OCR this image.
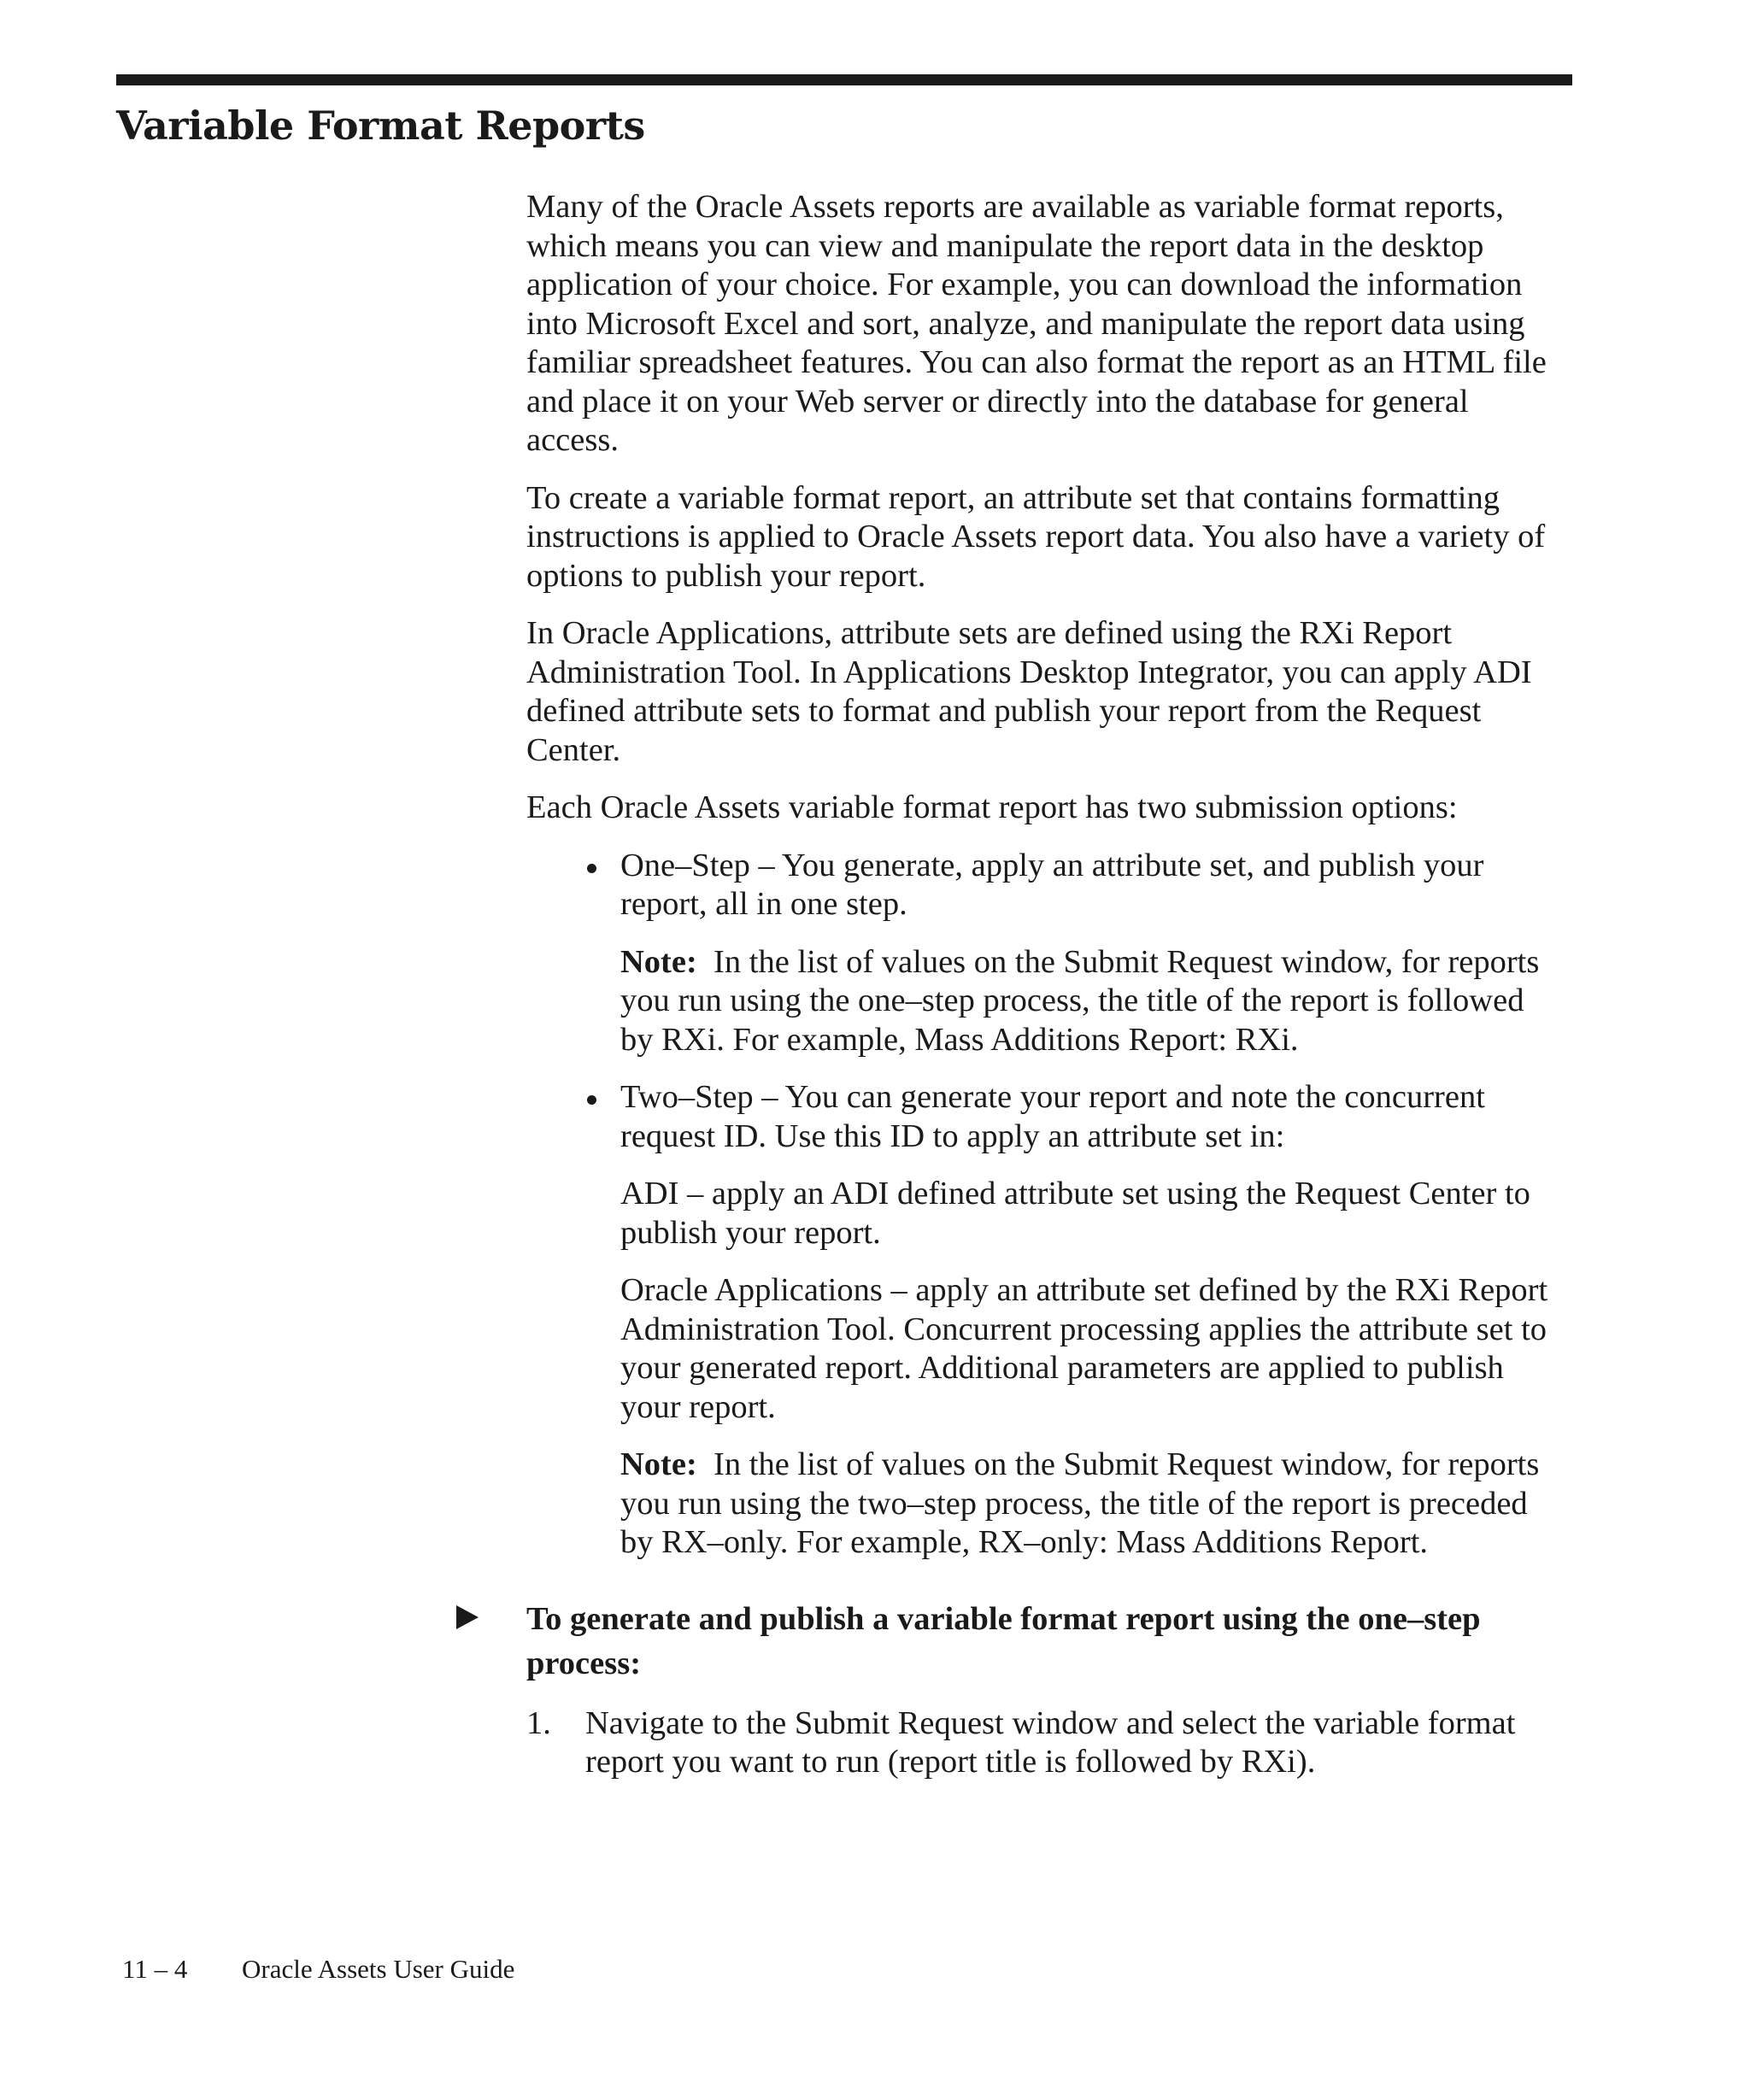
Variable Format Reports

Many of the Oracle Assets reports are available as variable format reports, which means you can view and manipulate the report data in the desktop application of your choice. For example, you can download the information into Microsoft Excel and sort, analyze, and manipulate the report data using familiar spreadsheet features. You can also format the report as an HTML file and place it on your Web server or directly into the database for general access.

To create a variable format report, an attribute set that contains formatting instructions is applied to Oracle Assets report data. You also have a variety of options to publish your report.

In Oracle Applications, attribute sets are defined using the RXi Report Administration Tool. In Applications Desktop Integrator, you can apply ADI defined attribute sets to format and publish your report from the Request Center.

Each Oracle Assets variable format report has two submission options:

One–Step – You generate, apply an attribute set, and publish your report, all in one step.

Note: In the list of values on the Submit Request window, for reports you run using the one–step process, the title of the report is followed by RXi. For example, Mass Additions Report: RXi.

Two–Step – You can generate your report and note the concurrent request ID. Use this ID to apply an attribute set in:

ADI – apply an ADI defined attribute set using the Request Center to publish your report.

Oracle Applications – apply an attribute set defined by the RXi Report Administration Tool. Concurrent processing applies the attribute set to your generated report. Additional parameters are applied to publish your report.

Note: In the list of values on the Submit Request window, for reports you run using the two–step process, the title of the report is preceded by RX–only. For example, RX–only: Mass Additions Report.

To generate and publish a variable format report using the one–step process:

1. Navigate to the Submit Request window and select the variable format report you want to run (report title is followed by RXi).
11 – 4 Oracle Assets User Guide
